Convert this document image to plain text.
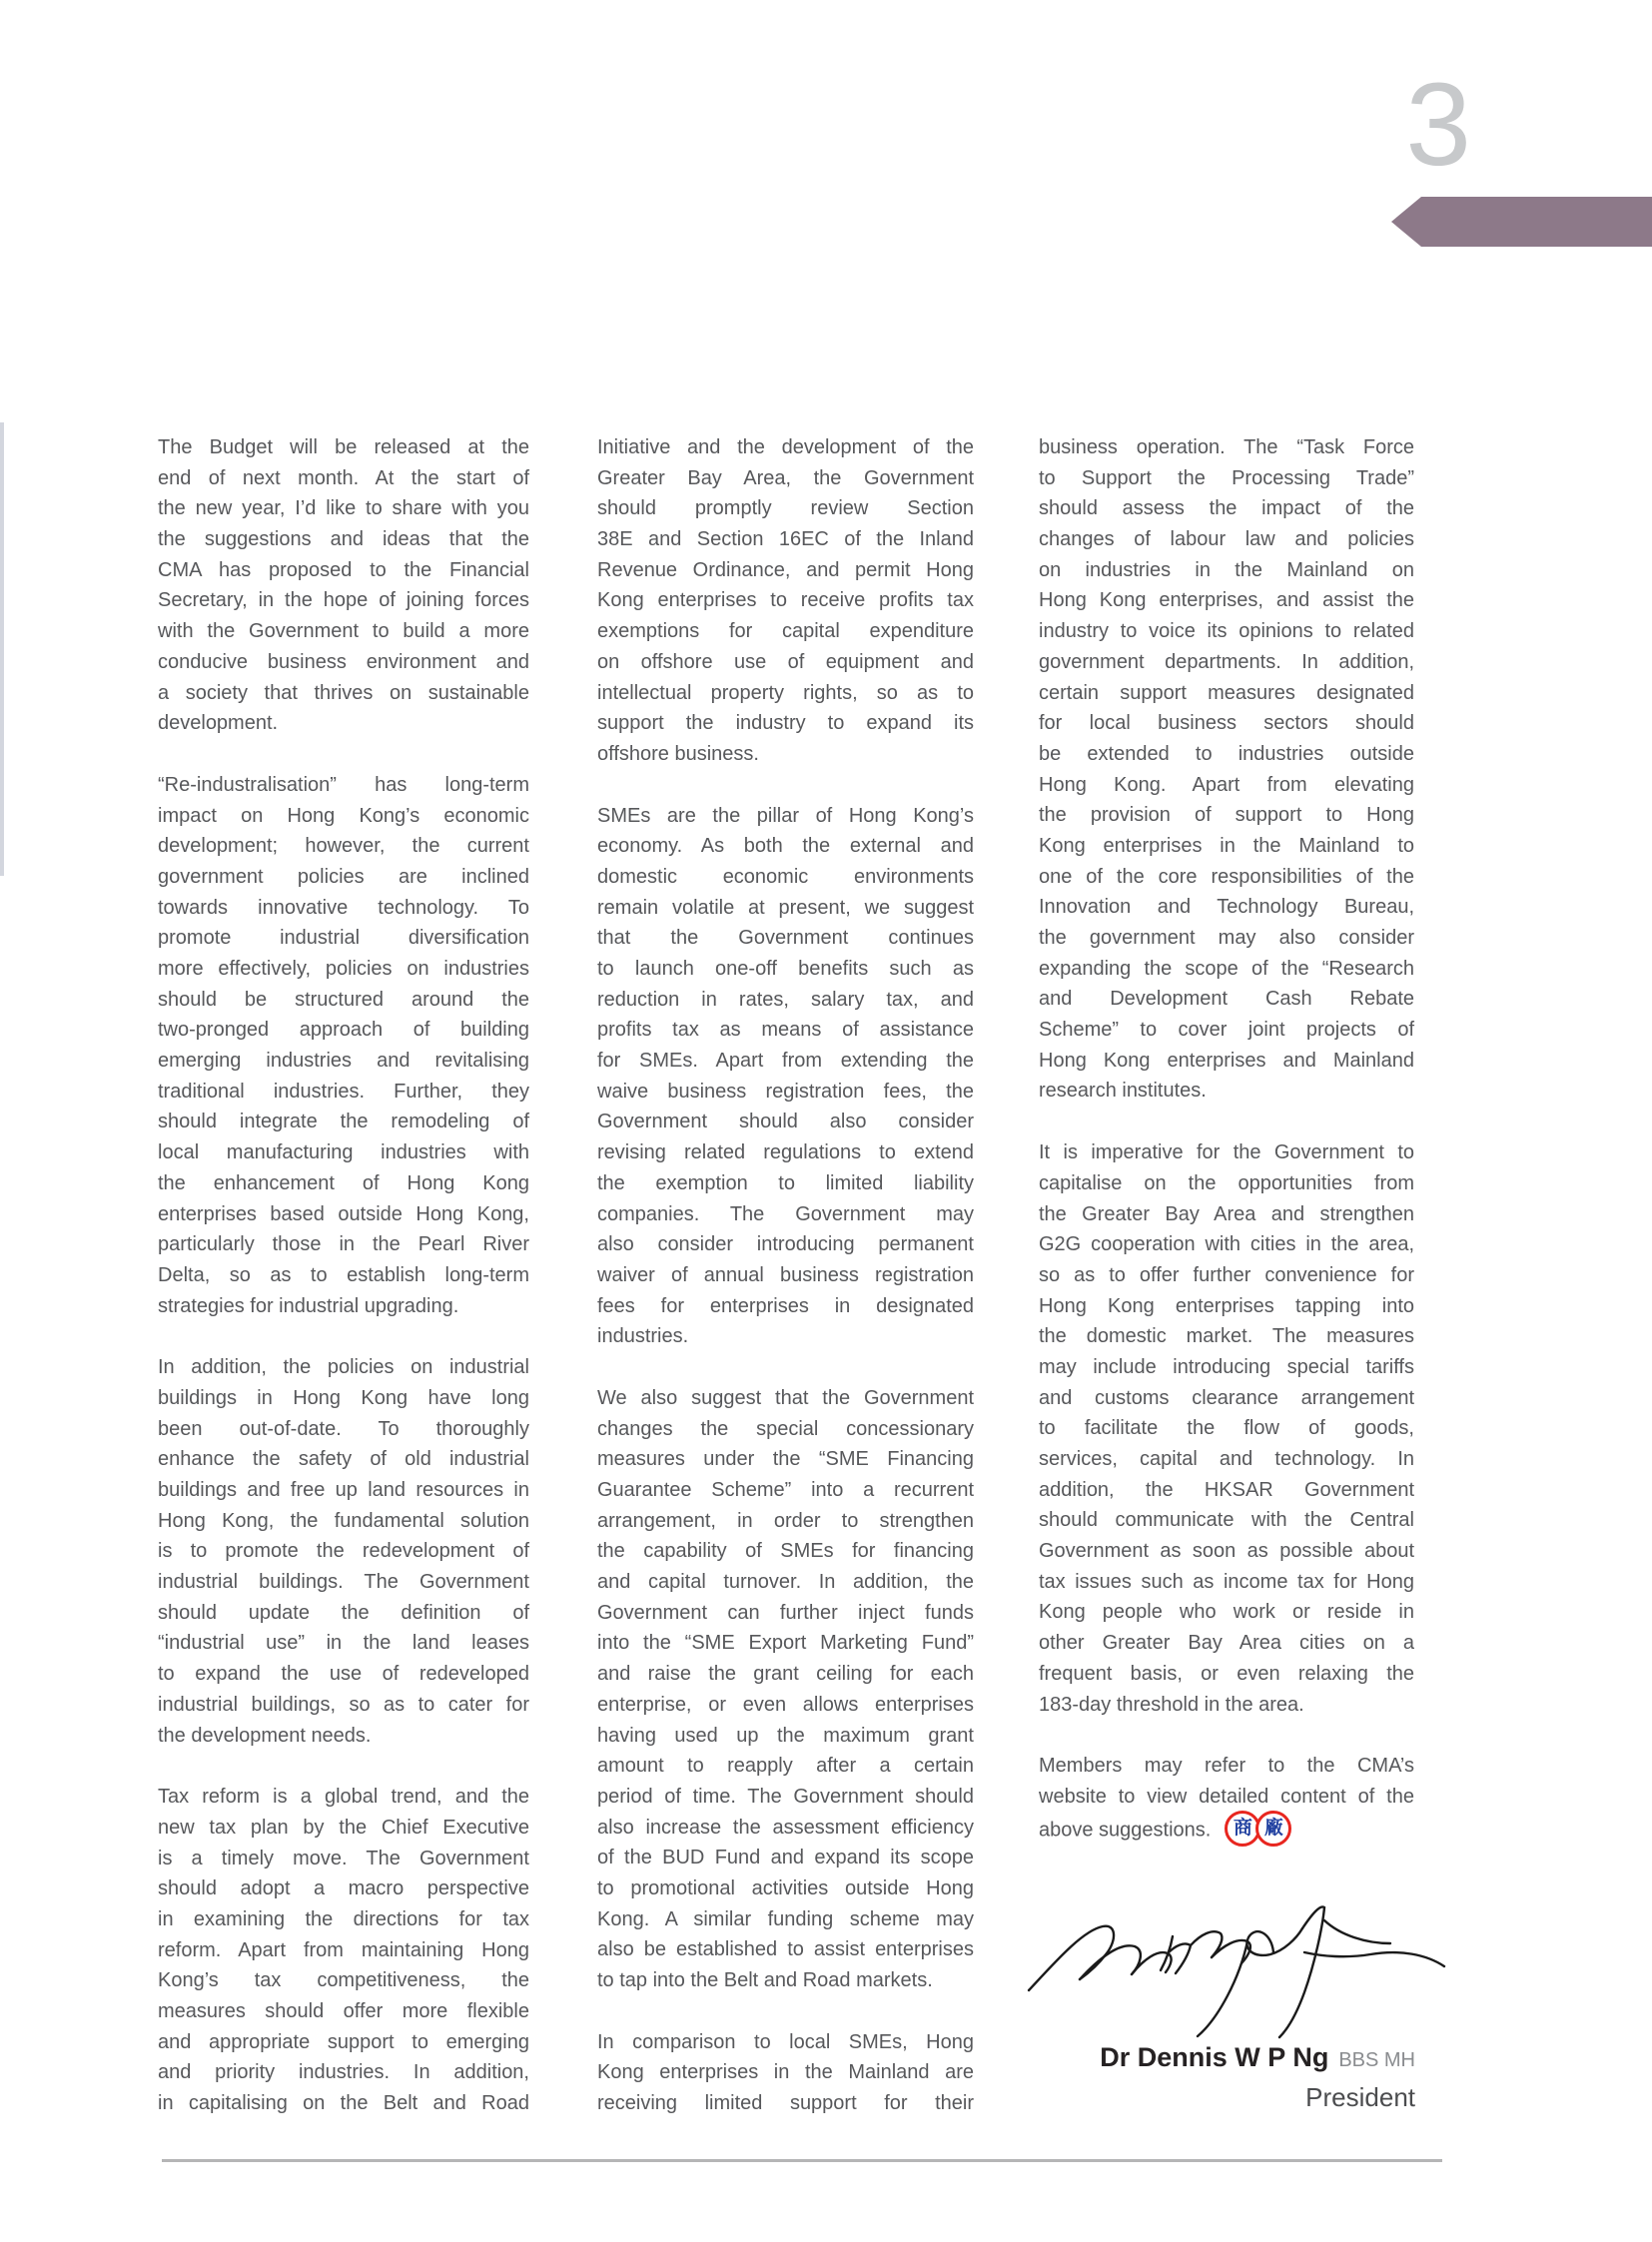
3
The Budget will be released at the
end of next month. At the start of
the new year, I’d like to share with you
the suggestions and ideas that the
CMA has proposed to the Financial
Secretary, in the hope of joining forces
with the Government to build a more
conducive business environment and
a society that thrives on sustainable
development.
“Re-industralisation” has long-term
impact on Hong Kong’s economic
development; however, the current
government policies are inclined
towards innovative technology. To
promote industrial diversification
more effectively, policies on industries
should be structured around the
two-pronged approach of building
emerging industries and revitalising
traditional industries. Further, they
should integrate the remodeling of
local manufacturing industries with
the enhancement of Hong Kong
enterprises based outside Hong Kong,
particularly those in the Pearl River
Delta, so as to establish long-term
strategies for industrial upgrading.
In addition, the policies on industrial
buildings in Hong Kong have long
been out-of-date. To thoroughly
enhance the safety of old industrial
buildings and free up land resources in
Hong Kong, the fundamental solution
is to promote the redevelopment of
industrial buildings. The Government
should update the definition of
“industrial use” in the land leases
to expand the use of redeveloped
industrial buildings, so as to cater for
the development needs.
Tax reform is a global trend, and the
new tax plan by the Chief Executive
is a timely move. The Government
should adopt a macro perspective
in examining the directions for tax
reform. Apart from maintaining Hong
Kong’s tax competitiveness, the
measures should offer more flexible
and appropriate support to emerging
and priority industries. In addition,
in capitalising on the Belt and Road
Initiative and the development of the
Greater Bay Area, the Government
should promptly review Section
38E and Section 16EC of the Inland
Revenue Ordinance, and permit Hong
Kong enterprises to receive profits tax
exemptions for capital expenditure
on offshore use of equipment and
intellectual property rights, so as to
support the industry to expand its
offshore business.
SMEs are the pillar of Hong Kong’s
economy. As both the external and
domestic economic environments
remain volatile at present, we suggest
that the Government continues
to launch one-off benefits such as
reduction in rates, salary tax, and
profits tax as means of assistance
for SMEs. Apart from extending the
waive business registration fees, the
Government should also consider
revising related regulations to extend
the exemption to limited liability
companies. The Government may
also consider introducing permanent
waiver of annual business registration
fees for enterprises in designated
industries.
We also suggest that the Government
changes the special concessionary
measures under the “SME Financing
Guarantee Scheme” into a recurrent
arrangement, in order to strengthen
the capability of SMEs for financing
and capital turnover. In addition, the
Government can further inject funds
into the “SME Export Marketing Fund”
and raise the grant ceiling for each
enterprise, or even allows enterprises
having used up the maximum grant
amount to reapply after a certain
period of time. The Government should
also increase the assessment efficiency
of the BUD Fund and expand its scope
to promotional activities outside Hong
Kong. A similar funding scheme may
also be established to assist enterprises
to tap into the Belt and Road markets.
In comparison to local SMEs, Hong
Kong enterprises in the Mainland are
receiving limited support for their
business operation. The “Task Force
to Support the Processing Trade”
should assess the impact of the
changes of labour law and policies
on industries in the Mainland on
Hong Kong enterprises, and assist the
industry to voice its opinions to related
government departments. In addition,
certain support measures designated
for local business sectors should
be extended to industries outside
Hong Kong. Apart from elevating
the provision of support to Hong
Kong enterprises in the Mainland to
one of the core responsibilities of the
Innovation and Technology Bureau,
the government may also consider
expanding the scope of the “Research
and Development Cash Rebate
Scheme” to cover joint projects of
Hong Kong enterprises and Mainland
research institutes.
It is imperative for the Government to
capitalise on the opportunities from
the Greater Bay Area and strengthen
G2G cooperation with cities in the area,
so as to offer further convenience for
Hong Kong enterprises tapping into
the domestic market. The measures
may include introducing special tariffs
and customs clearance arrangement
to facilitate the flow of goods,
services, capital and technology. In
addition, the HKSAR Government
should communicate with the Central
Government as soon as possible about
tax issues such as income tax for Hong
Kong people who work or reside in
other Greater Bay Area cities on a
frequent basis, or even relaxing the
183-day threshold in the area.
Members may refer to the CMA’s
website to view detailed content of the
above suggestions.	商 廠
Dr Dennis W P Ng BBS MH
President
